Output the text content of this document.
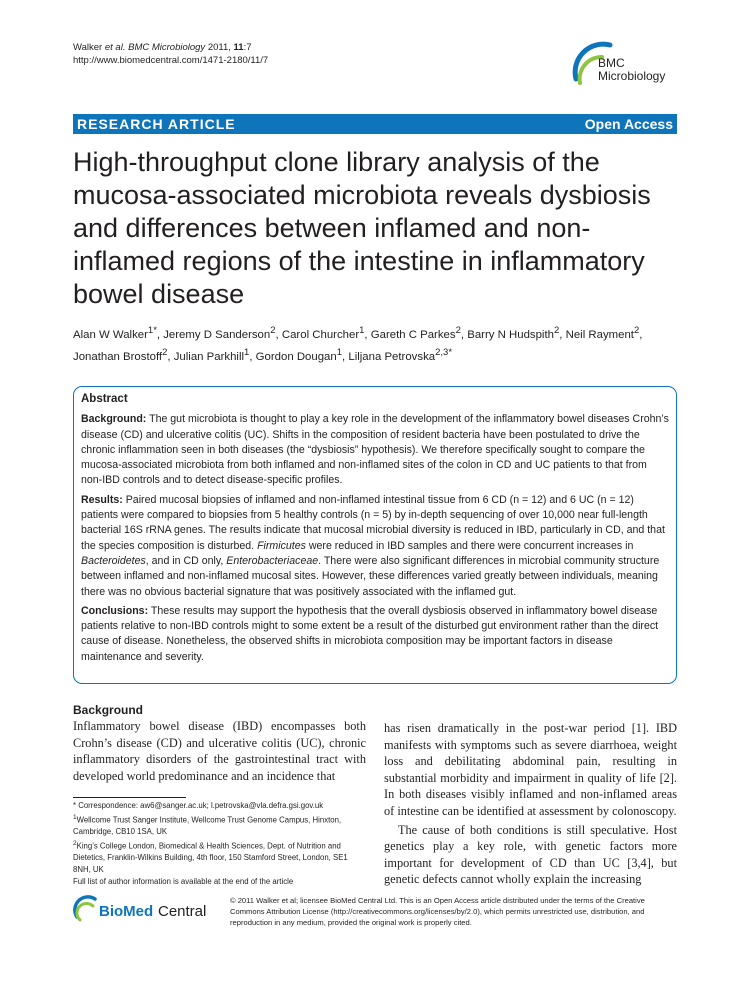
Walker et al. BMC Microbiology 2011, 11:7
http://www.biomedcentral.com/1471-2180/11/7	BMC
Microbiology
RESEARCH ARTICLE	Open Access
High-throughput clone library analysis of the mucosa-associated microbiota reveals dysbiosis and differences between inflamed and non-inflamed regions of the intestine in inflammatory bowel disease
Alan W Walker$^{1*}$, Jeremy D Sanderson$^2$, Carol Churcher$^1$, Gareth C Parkes$^2$, Barry N Hudspith$^2$, Neil Rayment$^2$, Jonathan Brostoff$^2$, Julian Parkhill$^1$, Gordon Dougan$^1$, Liljana Petrovska$^{2,3*}$
Abstract

Background: The gut microbiota is thought to play a key role in the development of the inflammatory bowel diseases Crohn’s disease (CD) and ulcerative colitis (UC). Shifts in the composition of resident bacteria have been postulated to drive the chronic inflammation seen in both diseases (the “dysbiosis” hypothesis). We therefore specifically sought to compare the mucosa-associated microbiota from both inflamed and non-inflamed sites of the colon in CD and UC patients to that from non-IBD controls and to detect disease-specific profiles.

Results: Paired mucosal biopsies of inflamed and non-inflamed intestinal tissue from 6 CD (n = 12) and 6 UC (n = 12) patients were compared to biopsies from 5 healthy controls (n = 5) by in-depth sequencing of over 10,000 near full-length bacterial 16S rRNA genes. The results indicate that mucosal microbial diversity is reduced in IBD, particularly in CD, and that the species composition is disturbed. Firmicutes were reduced in IBD samples and there were concurrent increases in Bacteroidetes, and in CD only, Enterobacteriaceae. There were also significant differences in microbial community structure between inflamed and non-inflamed mucosal sites. However, these differences varied greatly between individuals, meaning there was no obvious bacterial signature that was positively associated with the inflamed gut.

Conclusions: These results may support the hypothesis that the overall dysbiosis observed in inflammatory bowel disease patients relative to non-IBD controls might to some extent be a result of the disturbed gut environment rather than the direct cause of disease. Nonetheless, the observed shifts in microbiota composition may be important factors in disease maintenance and severity.

Background

Inflammatory bowel disease (IBD) encompasses both Crohn’s disease (CD) and ulcerative colitis (UC), chronic inflammatory disorders of the gastrointestinal tract with developed world predominance and an incidence that

has risen dramatically in the post-war period [1]. IBD manifests with symptoms such as severe diarrhoea, weight loss and debilitating abdominal pain, resulting in substantial morbidity and impairment in quality of life [2]. In both diseases visibly inflamed and non-inflamed areas of intestine can be identified at assessment by colonoscopy.

The cause of both conditions is still speculative. Host genetics play a key role, with genetic factors more important for development of CD than UC [3,4], but genetic defects cannot wholly explain the increasing

* Correspondence: aw6@sanger.ac.uk; l.petrovska@vla.defra.gsi.gov.uk

$^1$Wellcome Trust Sanger Institute, Wellcome Trust Genome Campus, Hinxton, Cambridge, CB10 1SA, UK

$^2$King’s College London, Biomedical & Health Sciences, Dept. of Nutrition and Dietetics, Franklin-Wilkins Building, 4th floor, 150 Stamford Street, London, SE1 8NH, UK

Full list of author information is available at the end of the article

BioMed Central
© 2011 Walker et al; licensee BioMed Central Ltd. This is an Open Access article distributed under the terms of the Creative Commons Attribution License (http://creativecommons.org/licenses/by/2.0), which permits unrestricted use, distribution, and reproduction in any medium, provided the original work is properly cited.
